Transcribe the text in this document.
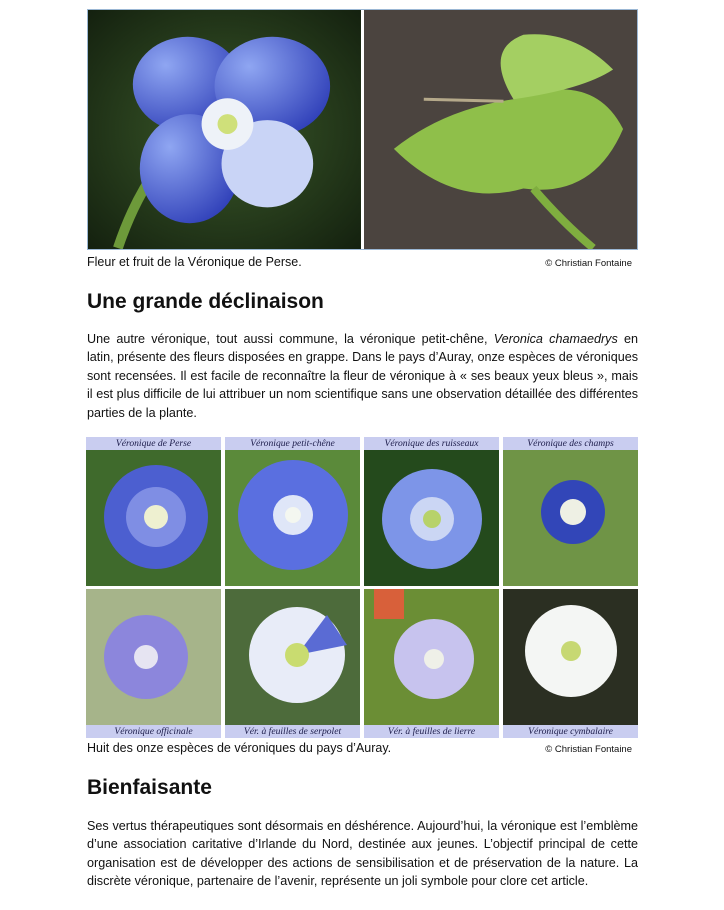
Fleur et fruit de la Véronique de Perse.	© Christian Fontaine
Une grande déclinaison

Une autre véronique, tout aussi commune, la véronique petit-chêne, Veronica chamaedrys en latin, présente des fleurs disposées en grappe. Dans le pays d’Auray, onze espèces de véroniques sont recensées. Il est facile de reconnaître la fleur de véronique à « ses beaux yeux bleus », mais il est plus difficile de lui attribuer un nom scientifique sans une observation détaillée des différentes parties de la plante.

Véronique de Perse	Véronique petit-chêne	Véronique des ruisseaux	Véronique des champs
Véronique officinale	Vér. à feuilles de serpolet	Vér. à feuilles de lierre	Véronique cymbalaire
Huit des onze espèces de véroniques du pays d’Auray.	© Christian Fontaine
Bienfaisante

Ses vertus thérapeutiques sont désormais en déshérence. Aujourd’hui, la véronique est l’emblème d’une association caritative d’Irlande du Nord, destinée aux jeunes. L’objectif principal de cette organisation est de développer des actions de sensibilisation et de préservation de la nature. La discrète véronique, partenaire de l’avenir, représente un joli symbole pour clore cet article.
